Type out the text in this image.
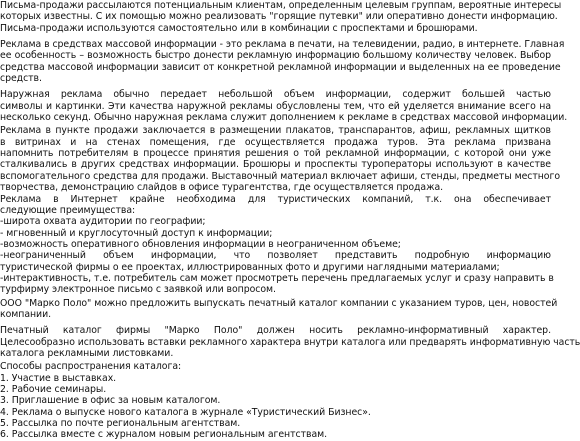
Письма-продажи рассылаются потенциальным клиентам, определенным целевым группам, вероятные интересы
которых известны. С их помощью можно реализовать "горящие путевки" или оперативно донести информацию.
Письма-продажи используются самостоятельно или в комбинации с проспектами и брошюрами.
Реклама в средствах массовой информации - это реклама в печати, на телевидении, радио, в интернете. Главная
ее особенность – возможность быстро донести рекламную информацию большому количеству человек. Выбор
средства массовой информации зависит от конкретной рекламной информации и выделенных на ее проведение
средств.
Наружная реклама обычно передает небольшой объем информации, содержит большей частью
символы и картинки. Эти качества наружной рекламы обусловлены тем, что ей уделяется внимание всего на
несколько секунд. Обычно наружная реклама служит дополнением к рекламе в средствах массовой информации.
Реклама в пункте продажи заключается в размещении плакатов, транспарантов, афиш, рекламных щитков
в витринах и на стенах помещения, где осуществляется продажа туров. Эта реклама призвана
напомнить потребителям в процессе принятия решения о той рекламной информации, с которой они уже
сталкивались в других средствах информации. Брошюры и проспекты туроператоры используют в качестве
вспомогательного средства для продажи. Выставочный материал включает афиши, стенды, предметы местного
творчества, демонстрацию слайдов в офисе турагентства, где осуществляется продажа.
Реклама в Интернет крайне необходима для туристических компаний, т.к. она обеспечивает
следующие преимущества:
-широта охвата аудитории по географии;
- мгновенный и круглосуточный доступ к информации;
-возможность оперативного обновления информации в неограниченном объеме;
-неограниченный объем информации, что позволяет представить подробную информацию
туристической фирмы о ее проектах, иллюстрированных фото и другими наглядными материалами;
-интерактивность, т.е. потребитель сам может просмотреть перечень предлагаемых услуг и сразу направить в
турфирму электронное письмо с заявкой или вопросом.
ООО "Марко Поло" можно предложить выпускать печатный каталог компании с указанием туров, цен, новостей
компании.
Печатный каталог фирмы "Марко Поло" должен носить рекламно-информативный характер.
Целесообразно использовать вставки рекламного характера внутри каталога или предварять информативную часть
каталога рекламными листовками.
Способы распространения каталога:
1. Участие в выставках.
2. Рабочие семинары.
3. Приглашение в офис за новым каталогом.
4. Реклама о выпуске нового каталога в журнале «Туристический Бизнес».
5. Рассылка по почте региональным агентствам.
6. Рассылка вместе с журналом новым региональным агентствам.
